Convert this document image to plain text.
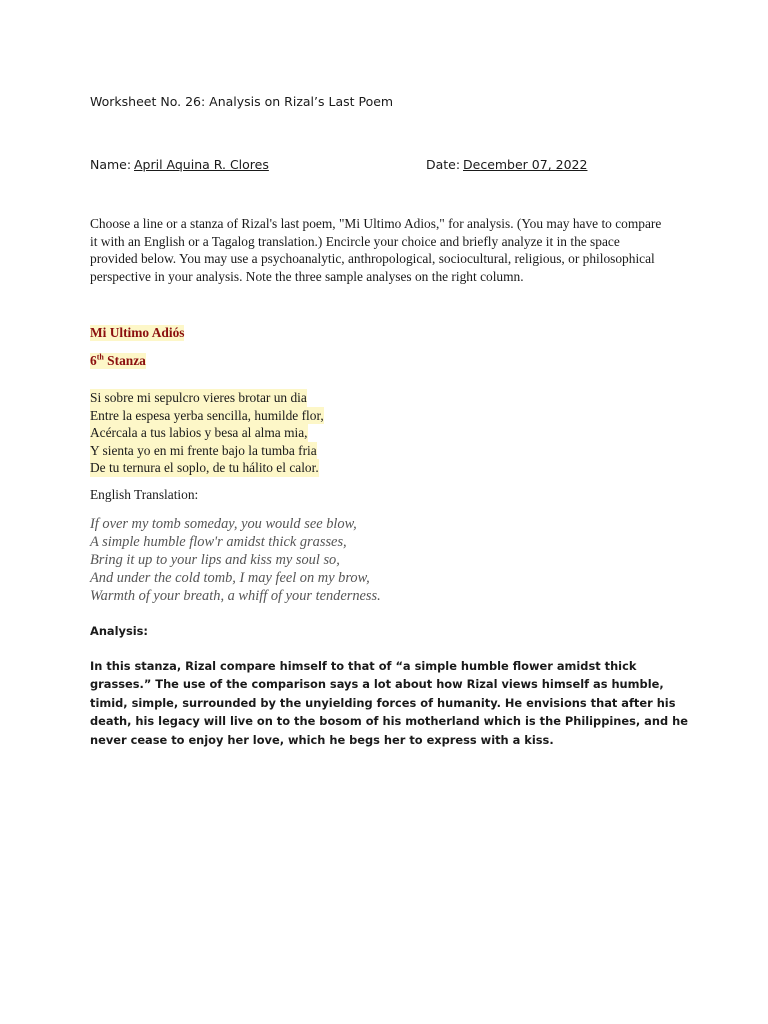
Worksheet No. 26: Analysis on Rizal’s Last Poem
Name: April Aquina R. Clores	Date: December 07, 2022

Choose a line or a stanza of Rizal's last poem, "Mi Ultimo Adios," for analysis. (You may have to compare it with an English or a Tagalog translation.) Encircle your choice and briefly analyze it in the space provided below. You may use a psychoanalytic, anthropological, sociocultural, religious, or philosophical perspective in your analysis. Note the three sample analyses on the right column.

Mi Ultimo Adiós
6th Stanza
Si sobre mi sepulcro vieres brotar un dia
Entre la espesa yerba sencilla, humilde flor,
Acércala a tus labios y besa al alma mia,
Y sienta yo en mi frente bajo la tumba fria
De tu ternura el soplo, de tu hálito el calor.
English Translation:
If over my tomb someday, you would see blow,
A simple humble flow'r amidst thick grasses,
Bring it up to your lips and kiss my soul so,
And under the cold tomb, I may feel on my brow,
Warmth of your breath, a whiff of your tenderness.
Analysis:

In this stanza, Rizal compare himself to that of “a simple humble flower amidst thick grasses.” The use of the comparison says a lot about how Rizal views himself as humble, timid, simple, surrounded by the unyielding forces of humanity. He envisions that after his death, his legacy will live on to the bosom of his motherland which is the Philippines, and he never cease to enjoy her love, which he begs her to express with a kiss.
